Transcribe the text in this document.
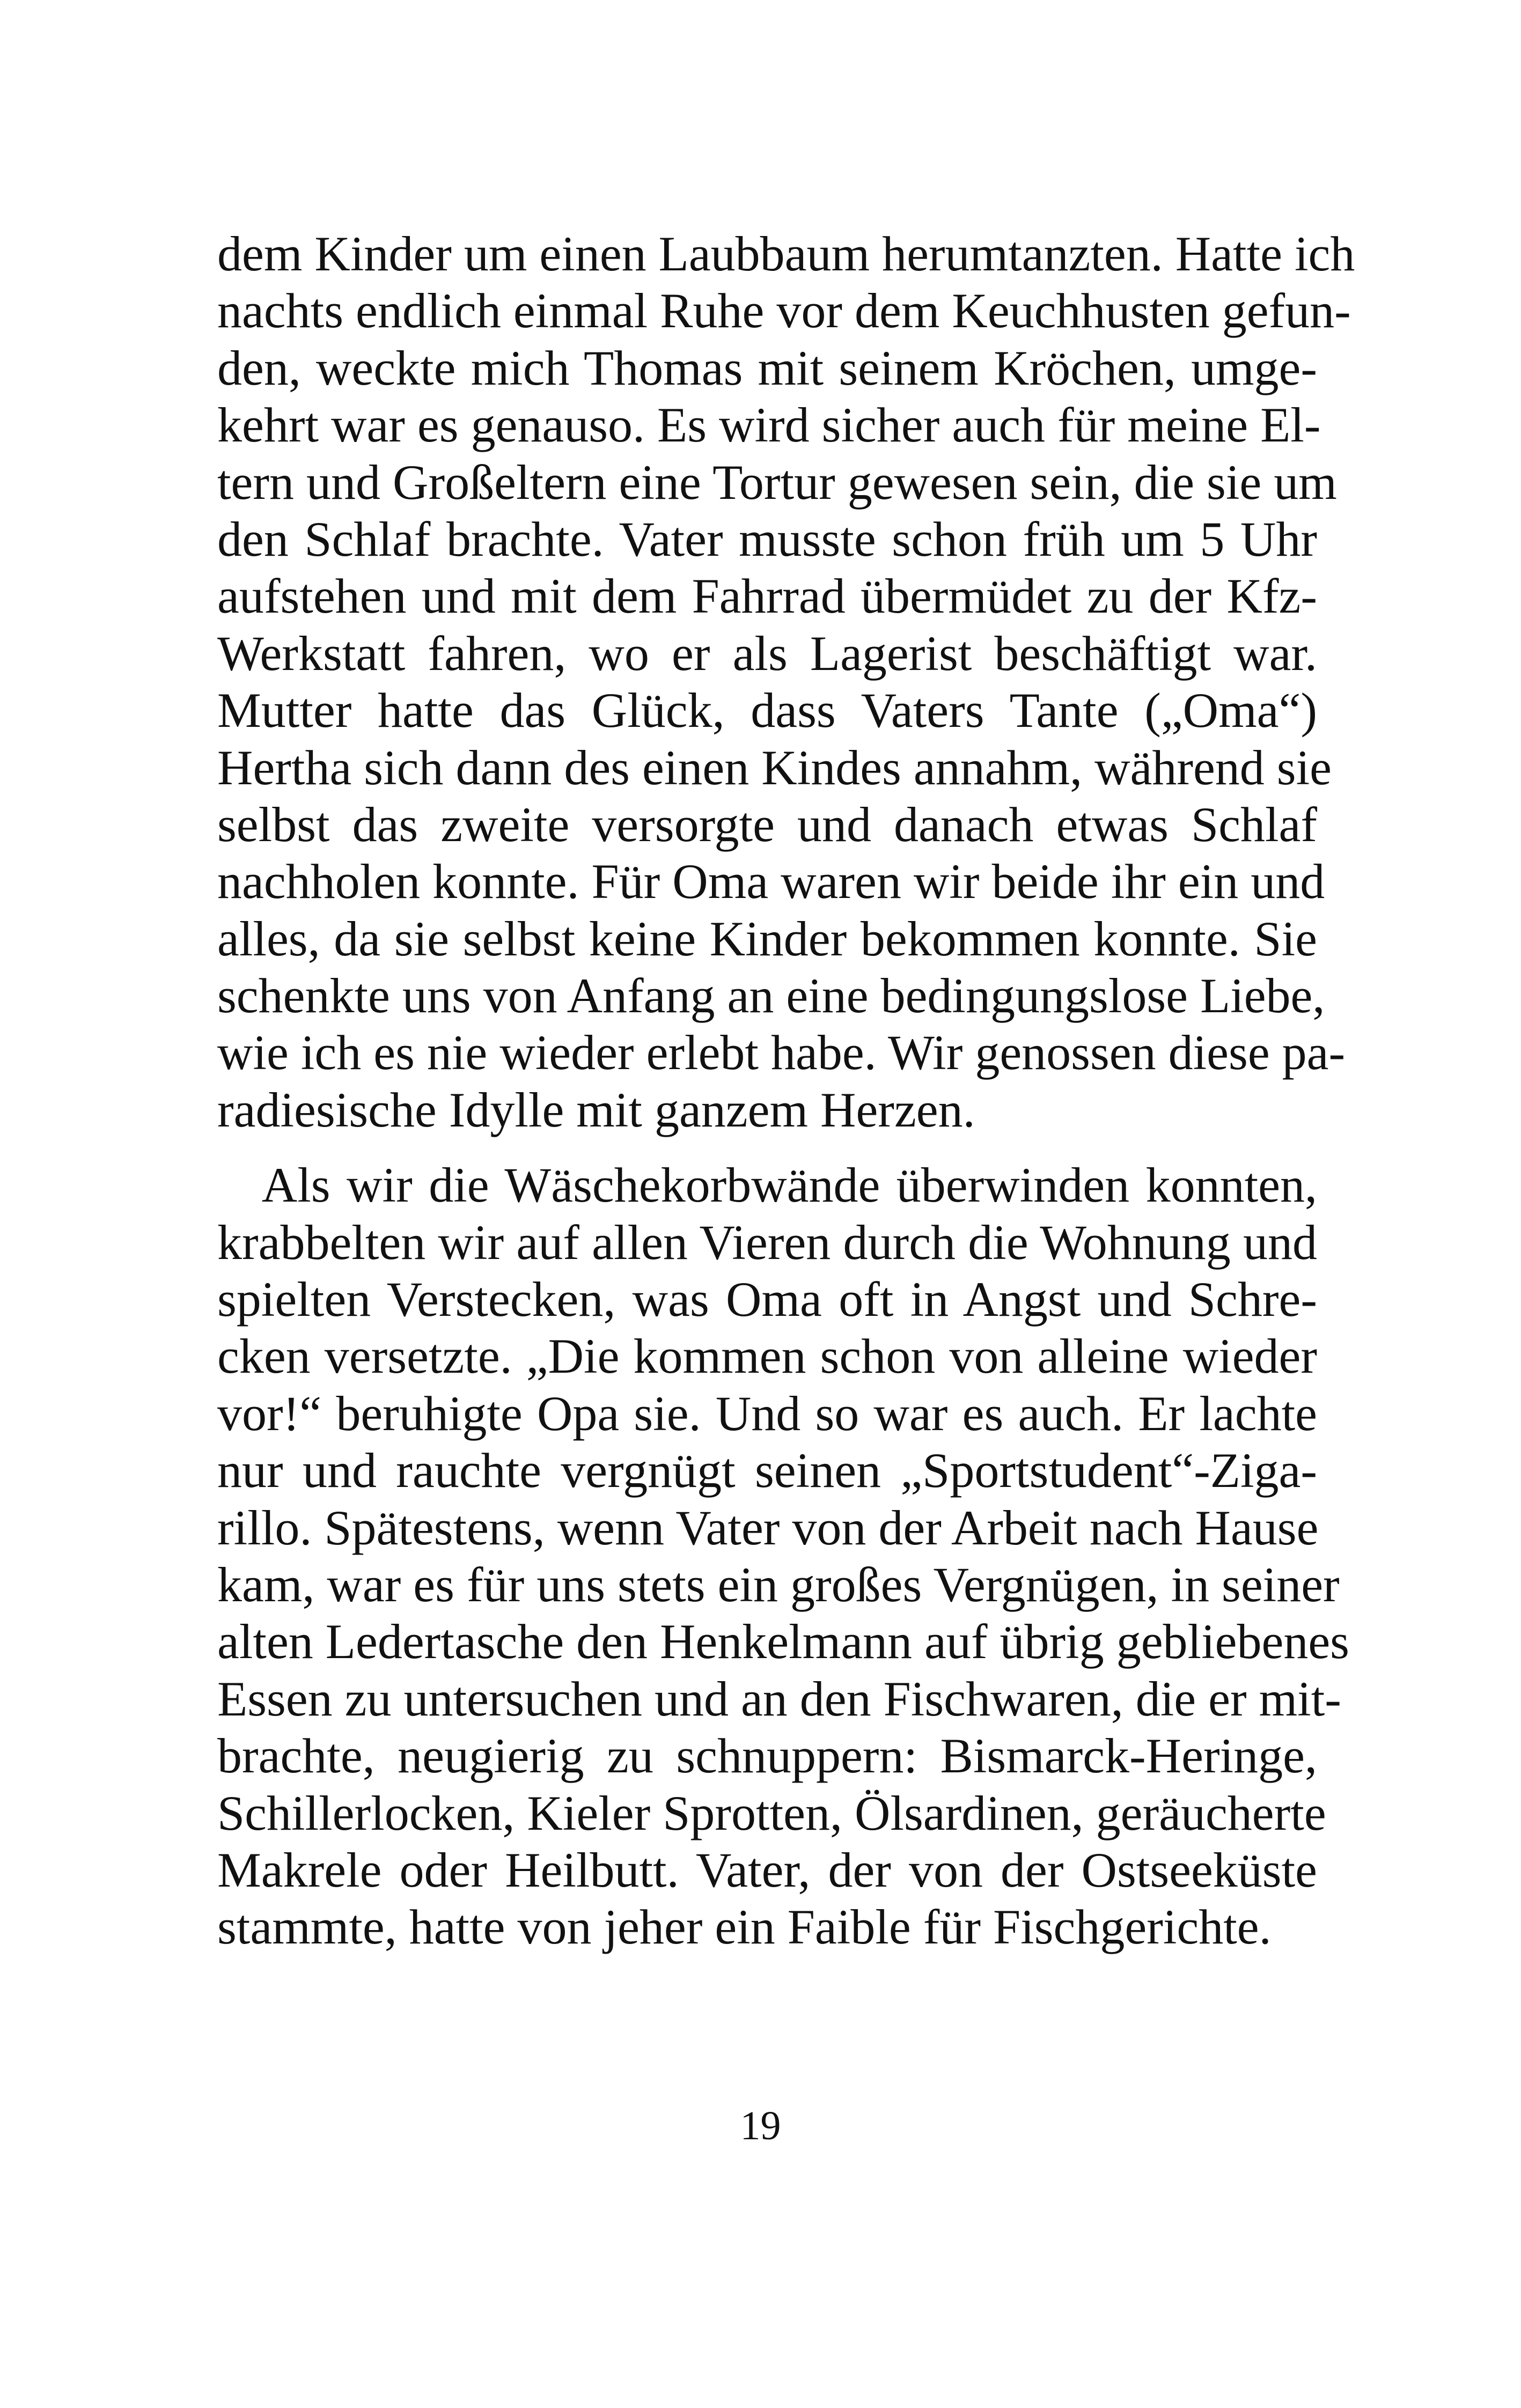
dem Kinder um einen Laubbaum herumtanzten. Hatte ich
nachts endlich einmal Ruhe vor dem Keuchhusten gefun-
den, weckte mich Thomas mit seinem Kröchen, umge-
kehrt war es genauso. Es wird sicher auch für meine El-
tern und Großeltern eine Tortur gewesen sein, die sie um
den Schlaf brachte. Vater musste schon früh um 5 Uhr
aufstehen und mit dem Fahrrad übermüdet zu der Kfz-
Werkstatt fahren, wo er als Lagerist beschäftigt war.
Mutter hatte das Glück, dass Vaters Tante („Oma“)
Hertha sich dann des einen Kindes annahm, während sie
selbst das zweite versorgte und danach etwas Schlaf
nachholen konnte. Für Oma waren wir beide ihr ein und
alles, da sie selbst keine Kinder bekommen konnte. Sie
schenkte uns von Anfang an eine bedingungslose Liebe,
wie ich es nie wieder erlebt habe. Wir genossen diese pa-
radiesische Idylle mit ganzem Herzen.
Als wir die Wäschekorbwände überwinden konnten,
krabbelten wir auf allen Vieren durch die Wohnung und
spielten Verstecken, was Oma oft in Angst und Schre-
cken versetzte. „Die kommen schon von alleine wieder
vor!“ beruhigte Opa sie. Und so war es auch. Er lachte
nur und rauchte vergnügt seinen „Sportstudent“-Ziga-
rillo. Spätestens, wenn Vater von der Arbeit nach Hause
kam, war es für uns stets ein großes Vergnügen, in seiner
alten Ledertasche den Henkelmann auf übrig gebliebenes
Essen zu untersuchen und an den Fischwaren, die er mit-
brachte, neugierig zu schnuppern: Bismarck-Heringe,
Schillerlocken, Kieler Sprotten, Ölsardinen, geräucherte
Makrele oder Heilbutt. Vater, der von der Ostseeküste
stammte, hatte von jeher ein Faible für Fischgerichte.
19
